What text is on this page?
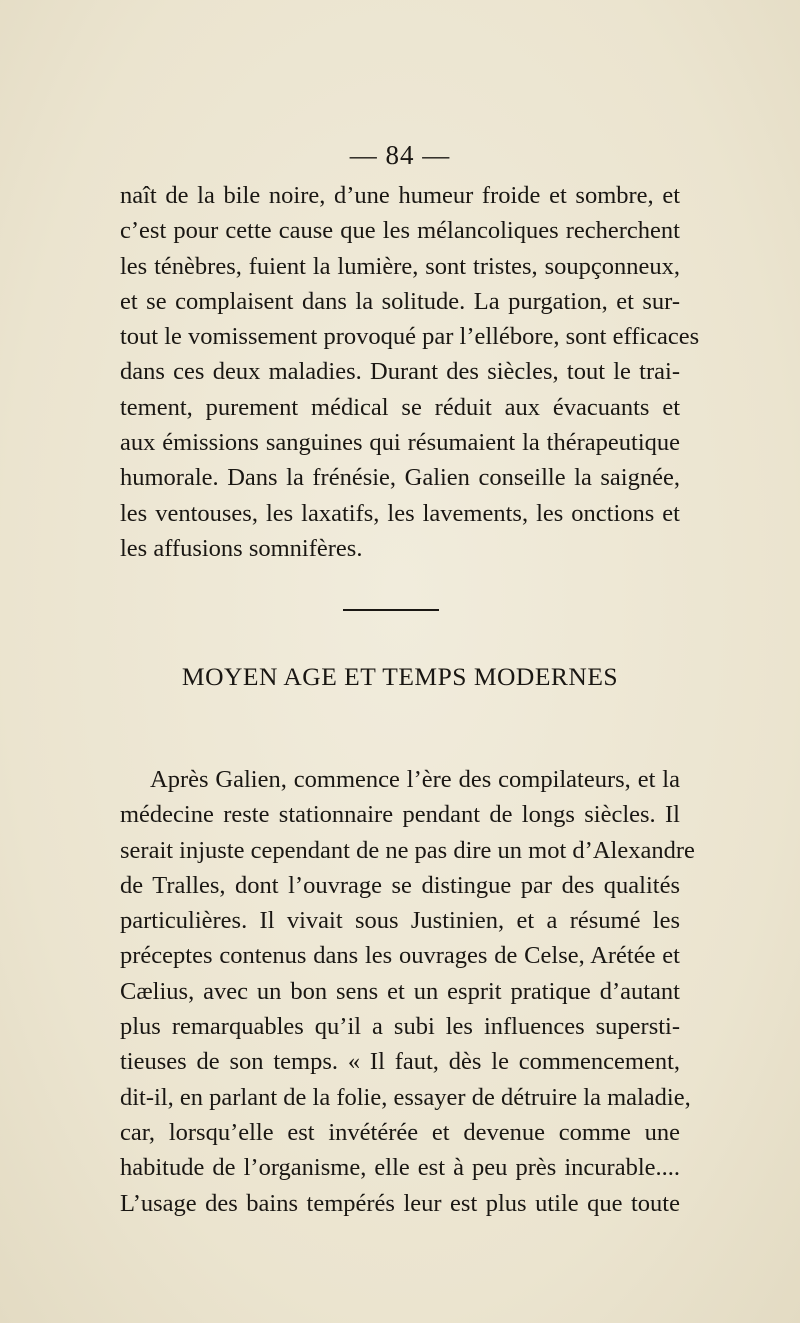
— 84 —
naît de la bile noire, d’une humeur froide et sombre, et
c’est pour cette cause que les mélancoliques recherchent
les ténèbres, fuient la lumière, sont tristes, soupçonneux,
et se complaisent dans la solitude. La purgation, et sur-
tout le vomissement provoqué par l’ellébore, sont efficaces
dans ces deux maladies. Durant des siècles, tout le trai-
tement, purement médical se réduit aux évacuants et
aux émissions sanguines qui résumaient la thérapeutique
humorale. Dans la frénésie, Galien conseille la saignée,
les ventouses, les laxatifs, les lavements, les onctions et
les affusions somnifères.
MOYEN AGE ET TEMPS MODERNES
Après Galien, commence l’ère des compilateurs, et la
médecine reste stationnaire pendant de longs siècles. Il
serait injuste cependant de ne pas dire un mot d’Alexandre
de Tralles, dont l’ouvrage se distingue par des qualités
particulières. Il vivait sous Justinien, et a résumé les
préceptes contenus dans les ouvrages de Celse, Arétée et
Cælius, avec un bon sens et un esprit pratique d’autant
plus remarquables qu’il a subi les influences supersti-
tieuses de son temps. « Il faut, dès le commencement,
dit-il, en parlant de la folie, essayer de détruire la maladie,
car, lorsqu’elle est invétérée et devenue comme une
habitude de l’organisme, elle est à peu près incurable....
L’usage des bains tempérés leur est plus utile que toute
